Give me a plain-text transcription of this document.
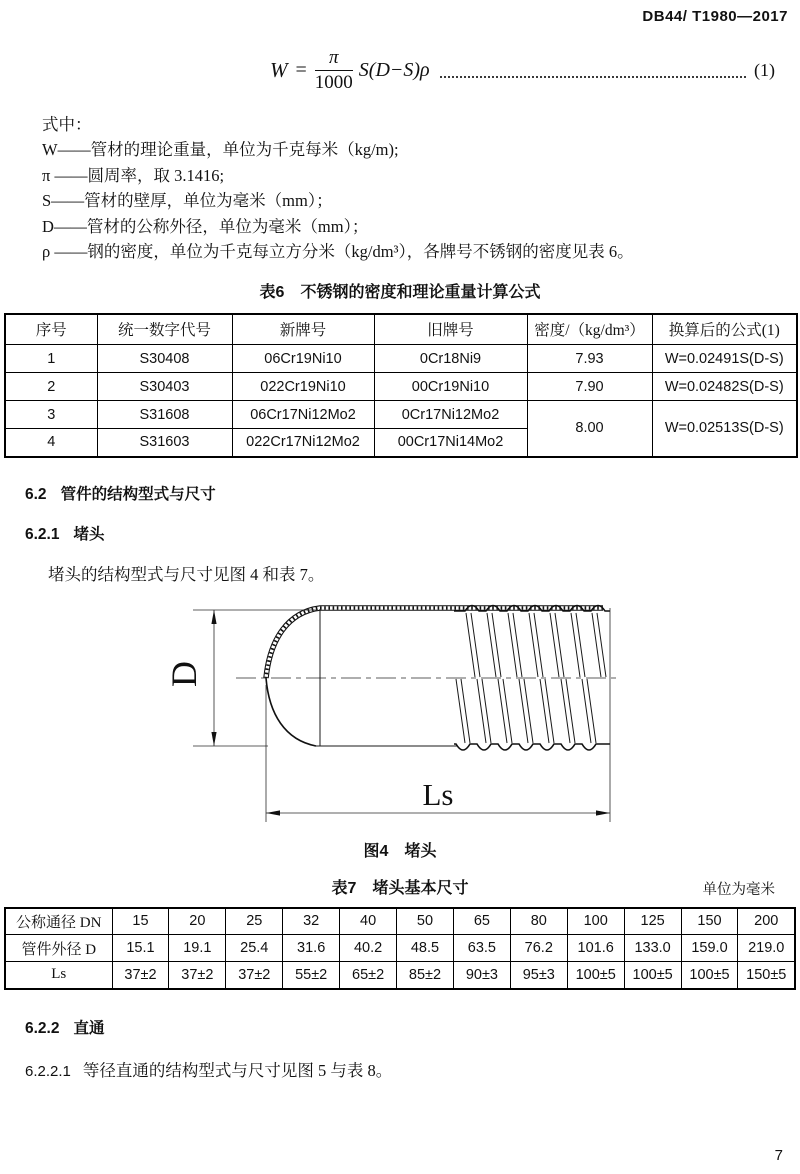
DB44/ T1980—2017
$W = \frac{\pi}{1000} S(D-S)\rho$	(1)
式中：
W——管材的理论重量，单位为千克每米（kg/m);
π ——圆周率，取 3.1416;
S——管材的壁厚，单位为毫米（mm）；
D——管材的公称外径，单位为毫米（mm）；
ρ ——钢的密度，单位为千克每立方分米（kg/dm³），各牌号不锈钢的密度见表 6。
表6　不锈钢的密度和理论重量计算公式
序号	统一数字代号	新牌号	旧牌号	密度/（kg/dm³）	换算后的公式(1)
1	S30408	06Cr19Ni10	0Cr18Ni9	7.93	W=0.02491S(D-S)
2	S30403	022Cr19Ni10	00Cr19Ni10	7.90	W=0.02482S(D-S)
3	S31608	06Cr17Ni12Mo2	0Cr17Ni12Mo2	8.00	W=0.02513S(D-S)
4	S31603	022Cr17Ni12Mo2	00Cr17Ni14Mo2		
6.2 管件的结构型式与尺寸
6.2.1 堵头
堵头的结构型式与尺寸见图 4 和表 7。
D
Ls
图4　堵头
表7　堵头基本尺寸	单位为毫米
公称通径 DN	15	20	25	32	40	50	65	80	100	125	150	200
管件外径 D	15.1	19.1	25.4	31.6	40.2	48.5	63.5	76.2	101.6	133.0	159.0	219.0
Ls	37±2	37±2	37±2	55±2	65±2	85±2	90±3	95±3	100±5	100±5	100±5	150±5
6.2.2 直通
6.2.2.1 等径直通的结构型式与尺寸见图 5 与表 8。
7
